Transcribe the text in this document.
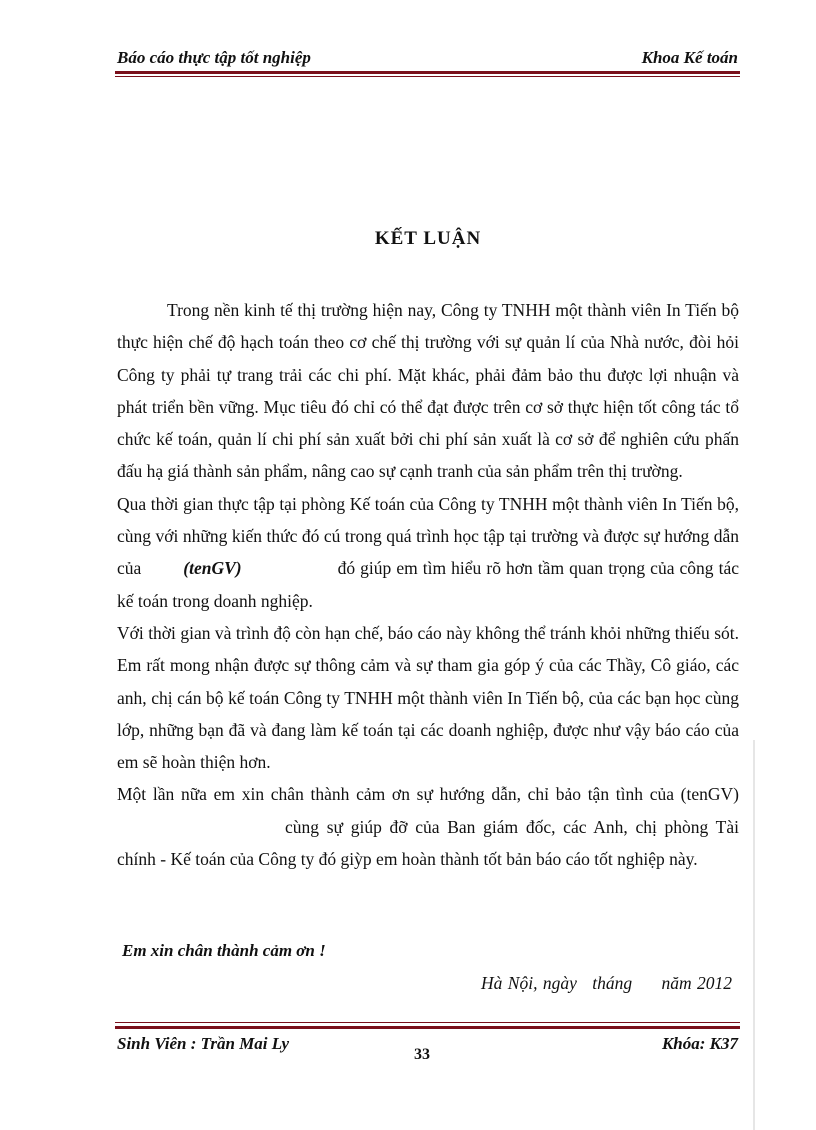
Báo cáo thực tập tốt nghiệp	Khoa Kế toán
KẾT LUẬN

Trong nền kinh tế thị trường hiện nay, Công ty TNHH một thành viên In Tiến bộ thực hiện chế độ hạch toán theo cơ chế thị trường với sự quản lí của Nhà nước, đòi hỏi Công ty phải tự trang trải các chi phí. Mặt khác, phải đảm bảo thu được lợi nhuận và phát triển bền vững. Mục tiêu đó chỉ có thể đạt được trên cơ sở thực hiện tốt công tác tổ chức kế toán, quản lí chi phí sản xuất bởi chi phí sản xuất là cơ sở để nghiên cứu phấn đấu hạ giá thành sản phẩm, nâng cao sự cạnh tranh của sản phẩm trên thị trường.

Qua thời gian thực tập tại phòng Kế toán của Công ty TNHH một thành viên In Tiến bộ, cùng với những kiến thức đó cú trong quá trình học tập tại trường và được sự hướng dẫn của (tenGV)	đó giúp em tìm hiểu rõ hơn tầm quan trọng của công tác kế toán trong doanh nghiệp.

Với thời gian và trình độ còn hạn chế, báo cáo này không thể tránh khỏi những thiếu sót. Em rất mong nhận được sự thông cảm và sự tham gia góp ý của các Thầy, Cô giáo, các anh, chị cán bộ kế toán Công ty TNHH một thành viên In Tiến bộ, của các bạn học cùng lớp, những bạn đã và đang làm kế toán tại các doanh nghiệp, được như vậy báo cáo của em sẽ hoàn thiện hơn.

Một lần nữa em xin chân thành cảm ơn sự hướng dẫn, chỉ bảo tận tình của (tenGV)cùng sự giúp đỡ của Ban giám đốc, các Anh, chị phòng Tài chính - Kế toán của Công ty đó giỳp em hoàn thành tốt bản báo cáo tốt nghiệp này.

Em xin chân thành cảm ơn !
Hà Nội, ngày tháng năm 2012
Sinh Viên : Trần Mai Ly	Khóa: K37
33
